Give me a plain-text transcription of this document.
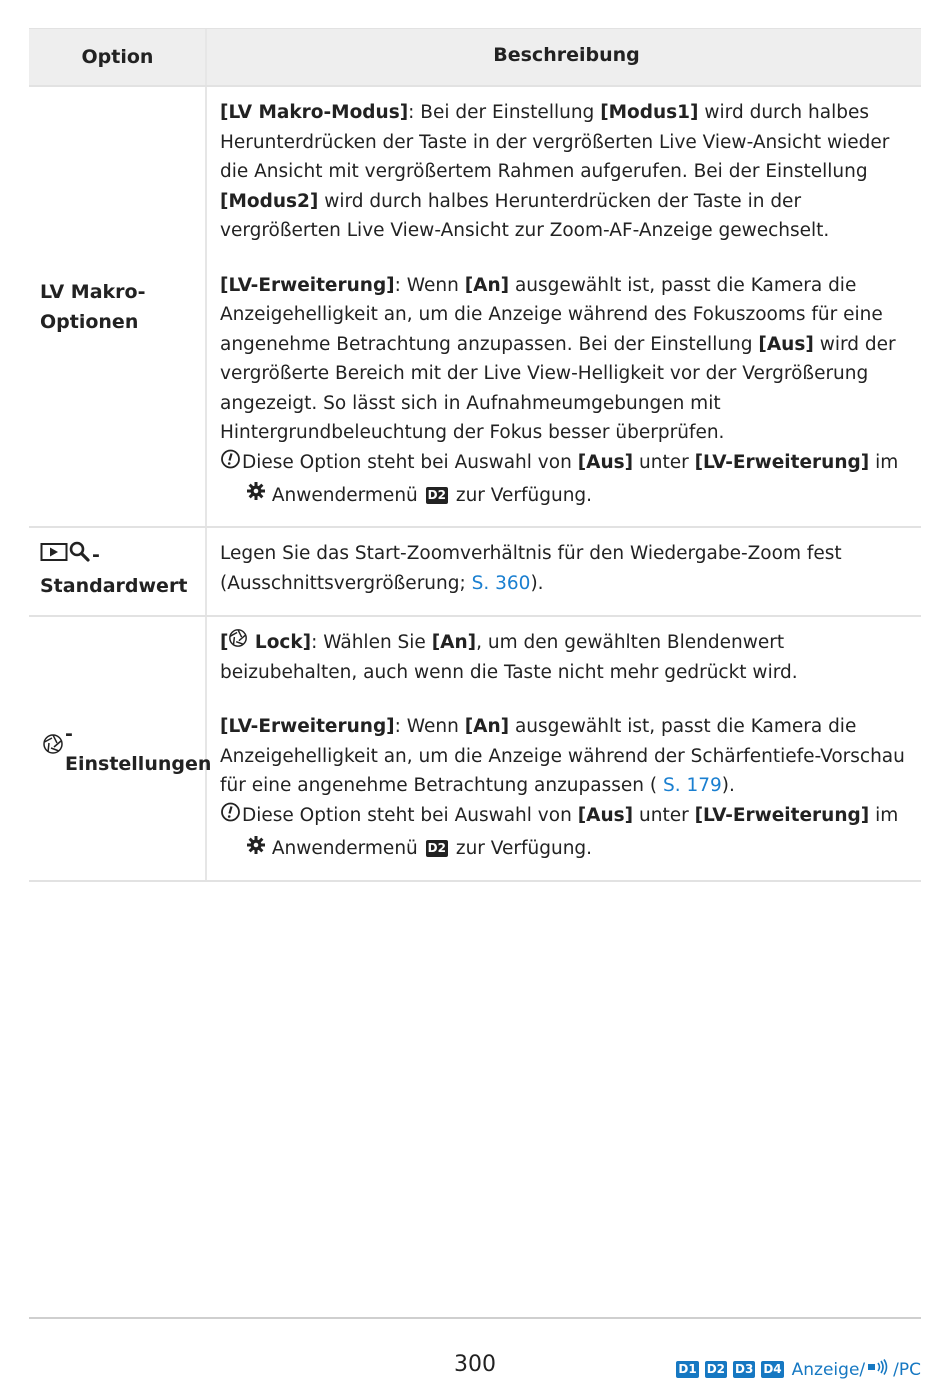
Option	Beschreibung
LV Makro-
Optionen

[LV Makro-Modus]: Bei der Einstellung [Modus1] wird durch halbes Herunterdrücken der Taste in der vergrößerten Live View-Ansicht wieder die Ansicht mit vergrößertem Rahmen aufgerufen. Bei der Einstellung [Modus2] wird durch halbes Herunterdrücken der Taste in der vergrößerten Live View-Ansicht zur Zoom-AF-Anzeige gewechselt.

[LV-Erweiterung]: Wenn [An] ausgewählt ist, passt die Kamera die Anzeigehelligkeit an, um die Anzeige während des Fokuszooms für eine angenehme Betrachtung anzupassen. Bei der Einstellung [Aus] wird der vergrößerte Bereich mit der Live View-Helligkeit vor der Vergrößerung angezeigt. So lässt sich in Aufnahmeumgebungen mit Hintergrundbeleuchtung der Fokus besser überprüfen.

Diese Option steht bei Auswahl von [Aus] unter [LV-Erweiterung] im
Anwendermenü D2 zur Verfügung.
-
Standardwert

Legen Sie das Start-Zoomverhältnis für den Wiedergabe-Zoom fest (Ausschnittsvergrößerung; S. 360).

-Einstellungen

[ Lock]: Wählen Sie [An], um den gewählten Blendenwert beizubehalten, auch wenn die Taste nicht mehr gedrückt wird.

[LV-Erweiterung]: Wenn [An] ausgewählt ist, passt die Kamera die Anzeigehelligkeit an, um die Anzeige während der Schärfentiefe-Vorschau für eine angenehme Betrachtung anzupassen ( S. 179).

Diese Option steht bei Auswahl von [Aus] unter [LV-Erweiterung] im
Anwendermenü D2 zur Verfügung.
300	D1 D2 D3 D4 Anzeige/ /PC
